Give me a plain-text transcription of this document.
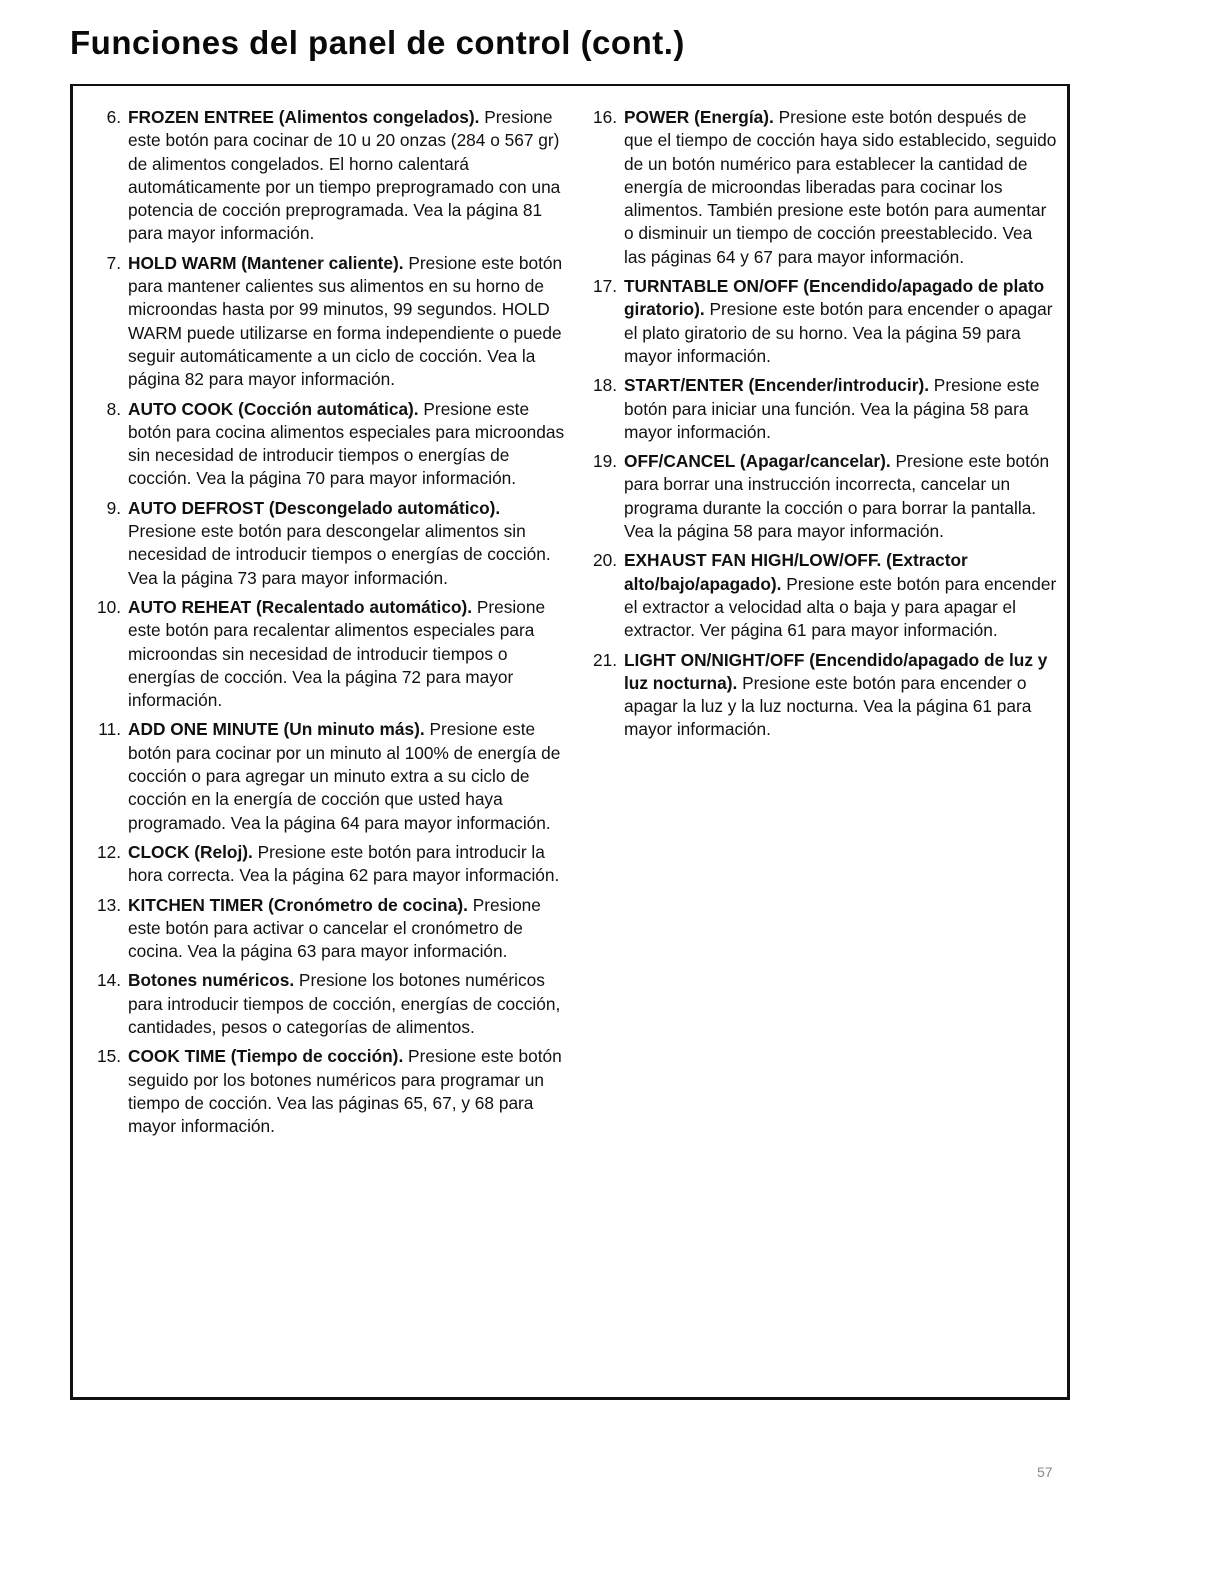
Funciones del panel de control (cont.)
6. FROZEN ENTREE (Alimentos congelados). Presione este botón para cocinar de 10 u 20 onzas (284 o 567 gr) de alimentos congelados. El horno calentará automáticamente por un tiempo preprogramado con una potencia de cocción preprogramada. Vea la página 81 para mayor información.
7. HOLD WARM (Mantener caliente). Presione este botón para mantener calientes sus alimentos en su horno de microondas hasta por 99 minutos, 99 segundos. HOLD WARM puede utilizarse en forma independiente o puede seguir automáticamente a un ciclo de cocción. Vea la página 82 para mayor información.
8. AUTO COOK (Cocción automática). Presione este botón para cocina alimentos especiales para microondas sin necesidad de introducir tiempos o energías de cocción. Vea la página 70 para mayor información.
9. AUTO DEFROST (Descongelado automático). Presione este botón para descongelar alimentos sin necesidad de introducir tiempos o energías de cocción. Vea la página 73 para mayor información.
10. AUTO REHEAT (Recalentado automático). Presione este botón para recalentar alimentos especiales para microondas sin necesidad de introducir tiempos o energías de cocción. Vea la página 72 para mayor información.
11. ADD ONE MINUTE (Un minuto más). Presione este botón para cocinar por un minuto al 100% de energía de cocción o para agregar un minuto extra a su ciclo de cocción en la energía de cocción que usted haya programado. Vea la página 64 para mayor información.
12. CLOCK (Reloj). Presione este botón para introducir la hora correcta. Vea la página 62 para mayor información.
13. KITCHEN TIMER (Cronómetro de cocina). Presione este botón para activar o cancelar el cronómetro de cocina. Vea la página 63 para mayor información.
14. Botones numéricos. Presione los botones numéricos para introducir tiempos de cocción, energías de cocción, cantidades, pesos o categorías de alimentos.
15. COOK TIME (Tiempo de cocción). Presione este botón seguido por los botones numéricos para programar un tiempo de cocción. Vea las páginas 65, 67, y 68 para mayor información.
16. POWER (Energía). Presione este botón después de que el tiempo de cocción haya sido establecido, seguido de un botón numérico para establecer la cantidad de energía de microondas liberadas para cocinar los alimentos. También presione este botón para aumentar o disminuir un tiempo de cocción preestablecido. Vea las páginas 64 y 67 para mayor información.
17. TURNTABLE ON/OFF (Encendido/apagado de plato giratorio). Presione este botón para encender o apagar el plato giratorio de su horno. Vea la página 59 para mayor información.
18. START/ENTER (Encender/introducir). Presione este botón para iniciar una función. Vea la página 58 para mayor información.
19. OFF/CANCEL (Apagar/cancelar). Presione este botón para borrar una instrucción incorrecta, cancelar un programa durante la cocción o para borrar la pantalla. Vea la página 58 para mayor información.
20. EXHAUST FAN HIGH/LOW/OFF. (Extractor alto/bajo/apagado). Presione este botón para encender el extractor a velocidad alta o baja y para apagar el extractor. Ver página 61 para mayor información.
21. LIGHT ON/NIGHT/OFF (Encendido/apagado de luz y luz nocturna). Presione este botón para encender o apagar la luz y la luz nocturna. Vea la página 61 para mayor información.
57
